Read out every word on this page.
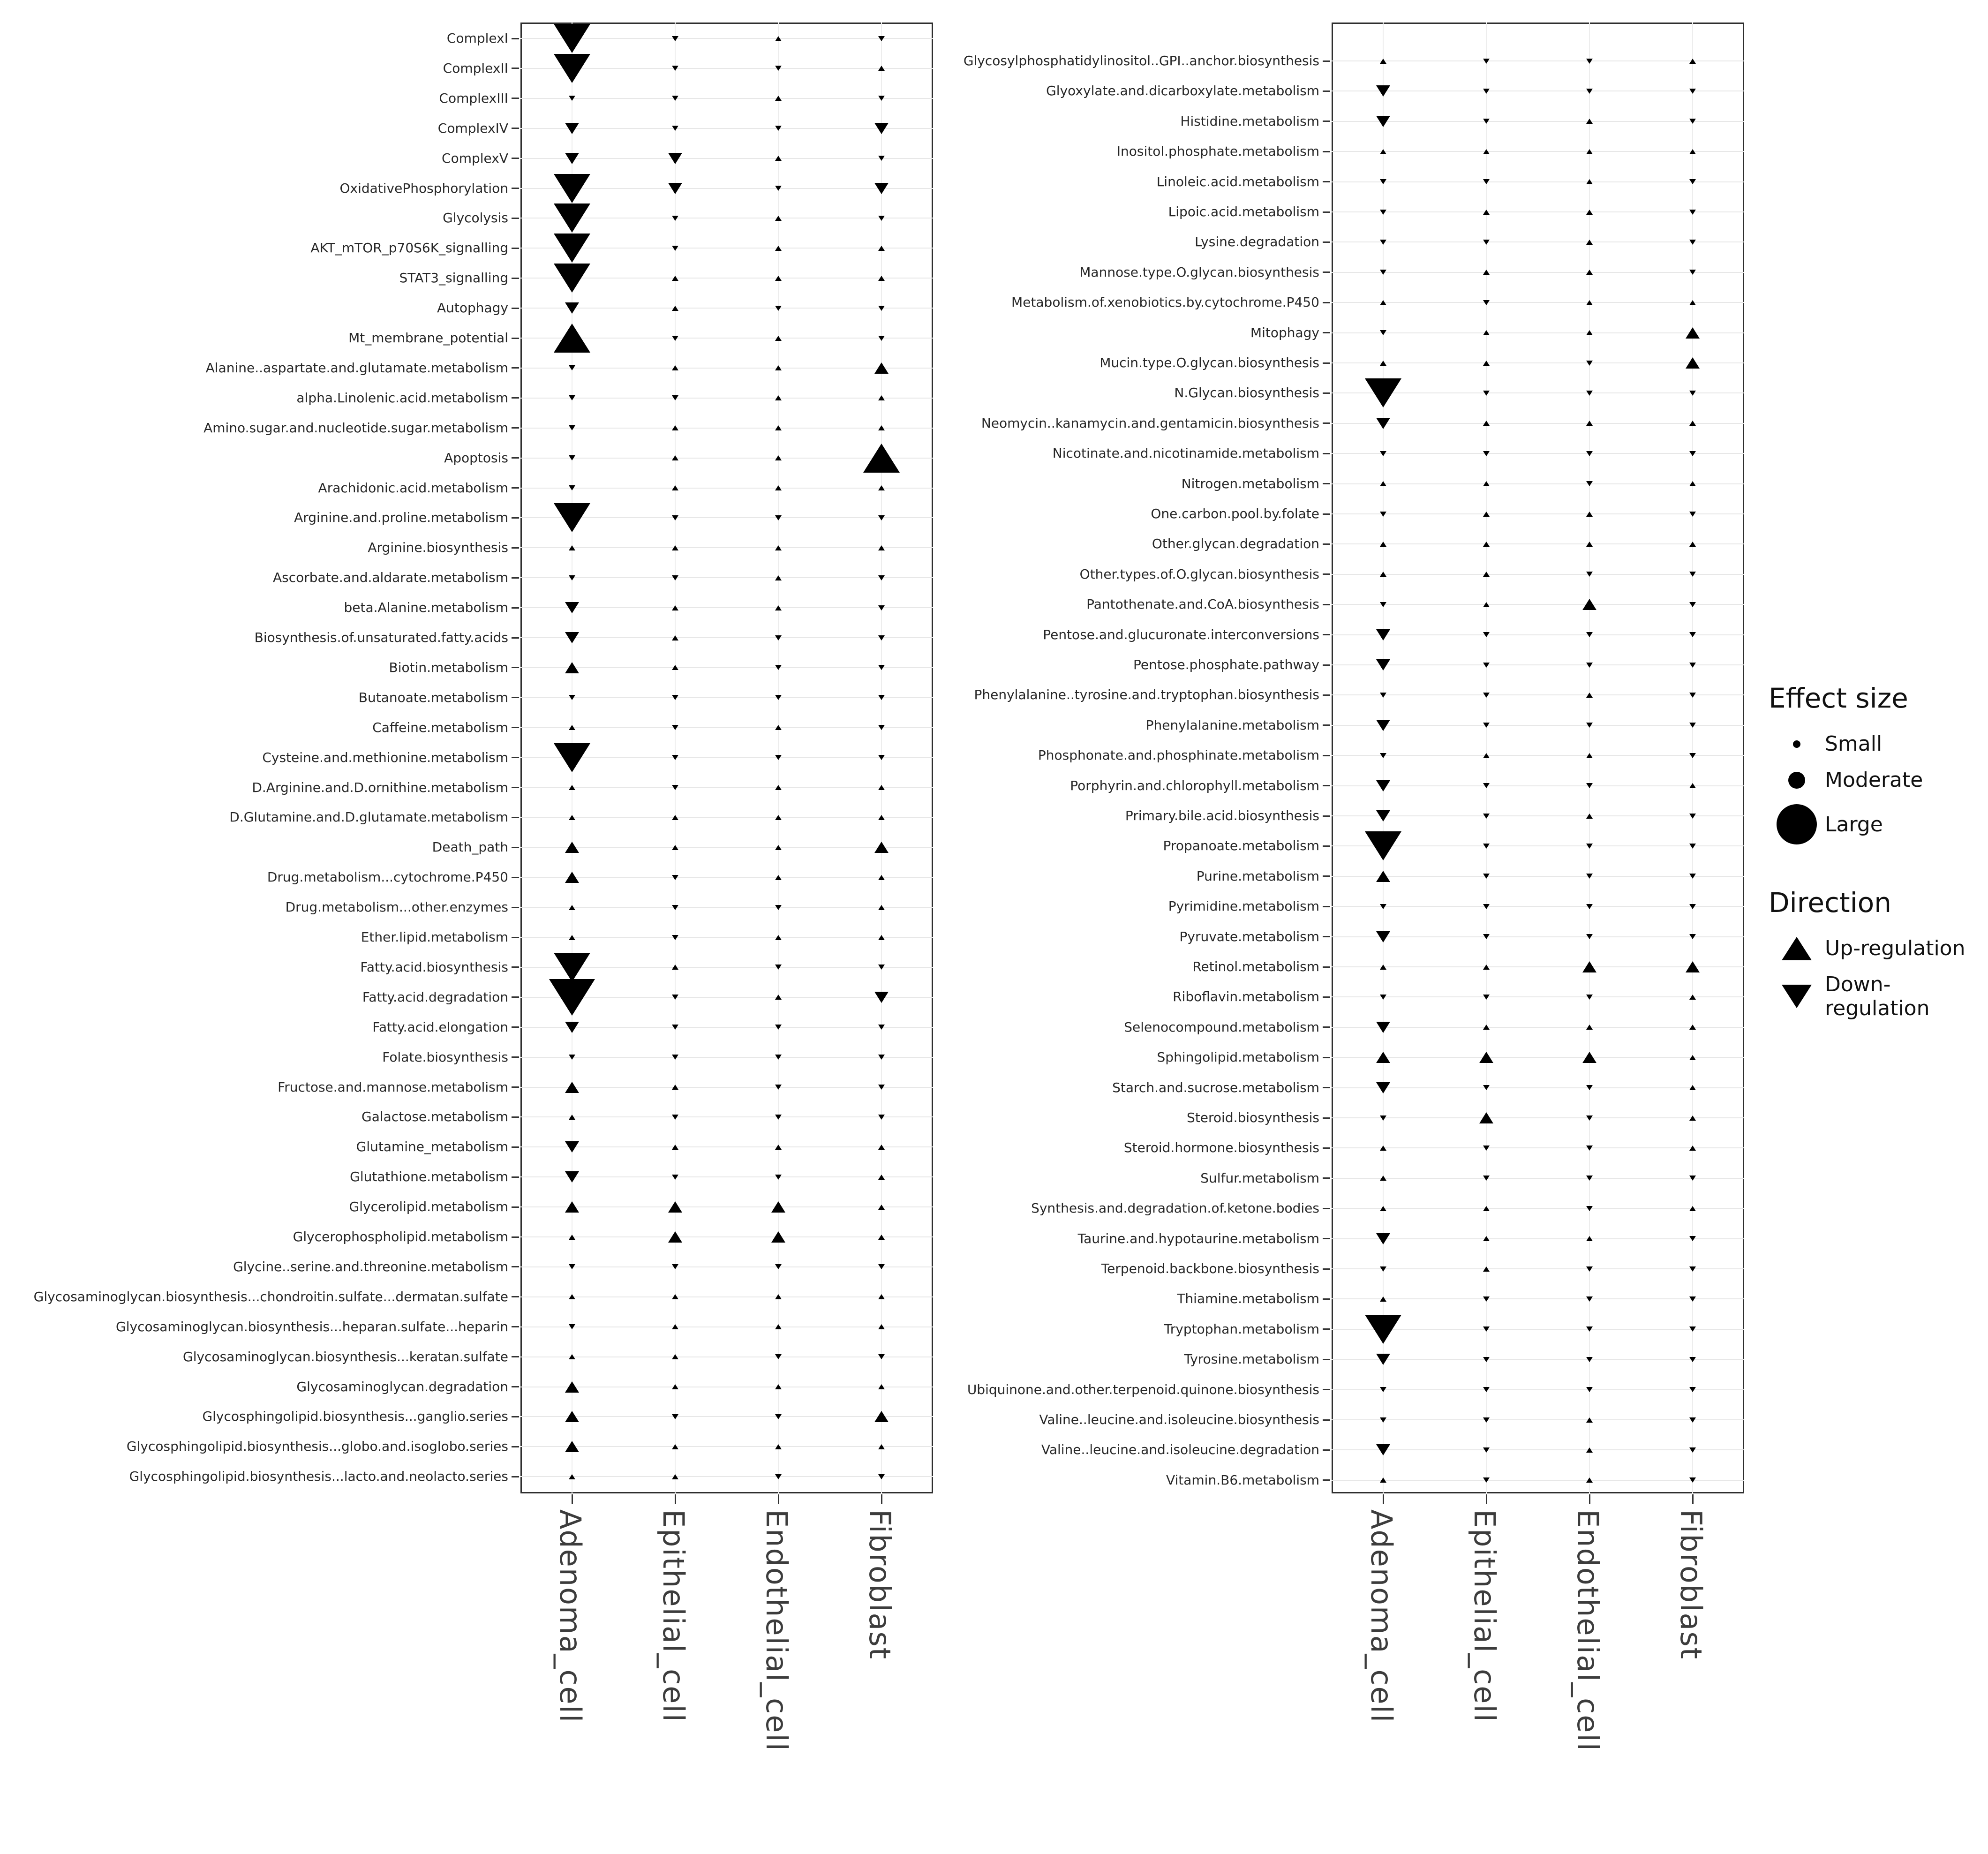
Adenoma_cell Epithelial_cell Endothelial_cell Fibroblast
ComplexI
ComplexII
ComplexIII
ComplexIV
ComplexV
OxidativePhosphorylation
Glycolysis
AKT_mTOR_p70S6K_signalling
STAT3_signalling
Autophagy
Mt_membrane_potential
Alanine..aspartate.and.glutamate.metabolism
alpha.Linolenic.acid.metabolism
Amino.sugar.and.nucleotide.sugar.metabolism
Apoptosis
Arachidonic.acid.metabolism
Arginine.and.proline.metabolism
Arginine.biosynthesis
Ascorbate.and.aldarate.metabolism
beta.Alanine.metabolism
Biosynthesis.of.unsaturated.fatty.acids
Biotin.metabolism
Butanoate.metabolism
Caffeine.metabolism
Cysteine.and.methionine.metabolism
D.Arginine.and.D.ornithine.metabolism
D.Glutamine.and.D.glutamate.metabolism
Death_path
Drug.metabolism...cytochrome.P450
Drug.metabolism...other.enzymes
Ether.lipid.metabolism
Fatty.acid.biosynthesis
Fatty.acid.degradation
Fatty.acid.elongation
Folate.biosynthesis
Fructose.and.mannose.metabolism
Galactose.metabolism
Glutamine_metabolism
Glutathione.metabolism
Glycerolipid.metabolism
Glycerophospholipid.metabolism
Glycine..serine.and.threonine.metabolism
Glycosaminoglycan.biosynthesis...chondroitin.sulfate...dermatan.sulfate
Glycosaminoglycan.biosynthesis...heparan.sulfate...heparin
Glycosaminoglycan.biosynthesis...keratan.sulfate
Glycosaminoglycan.degradation
Glycosphingolipid.biosynthesis...ganglio.series
Glycosphingolipid.biosynthesis...globo.and.isoglobo.series
Glycosphingolipid.biosynthesis...lacto.and.neolacto.series
Adenoma_cell Epithelial_cell Endothelial_cell Fibroblast
Glycosylphosphatidylinositol..GPI..anchor.biosynthesis
Glyoxylate.and.dicarboxylate.metabolism
Histidine.metabolism
Inositol.phosphate.metabolism
Linoleic.acid.metabolism
Lipoic.acid.metabolism
Lysine.degradation
Mannose.type.O.glycan.biosynthesis
Metabolism.of.xenobiotics.by.cytochrome.P450
Mitophagy
Mucin.type.O.glycan.biosynthesis
N.Glycan.biosynthesis
Neomycin..kanamycin.and.gentamicin.biosynthesis
Nicotinate.and.nicotinamide.metabolism
Nitrogen.metabolism
One.carbon.pool.by.folate
Other.glycan.degradation
Other.types.of.O.glycan.biosynthesis
Pantothenate.and.CoA.biosynthesis
Pentose.and.glucuronate.interconversions
Pentose.phosphate.pathway
Phenylalanine..tyrosine.and.tryptophan.biosynthesis
Phenylalanine.metabolism
Phosphonate.and.phosphinate.metabolism
Porphyrin.and.chlorophyll.metabolism
Primary.bile.acid.biosynthesis
Propanoate.metabolism
Purine.metabolism
Pyrimidine.metabolism
Pyruvate.metabolism
Retinol.metabolism
Riboflavin.metabolism
Selenocompound.metabolism
Sphingolipid.metabolism
Starch.and.sucrose.metabolism
Steroid.biosynthesis
Steroid.hormone.biosynthesis
Sulfur.metabolism
Synthesis.and.degradation.of.ketone.bodies
Taurine.and.hypotaurine.metabolism
Terpenoid.backbone.biosynthesis
Thiamine.metabolism
Tryptophan.metabolism
Tyrosine.metabolism
Ubiquinone.and.other.terpenoid.quinone.biosynthesis
Valine..leucine.and.isoleucine.biosynthesis
Valine..leucine.and.isoleucine.degradation
Vitamin.B6.metabolism

Effect size

Small
Moderate
Large

Direction

Up-regulation
Down-regulation
